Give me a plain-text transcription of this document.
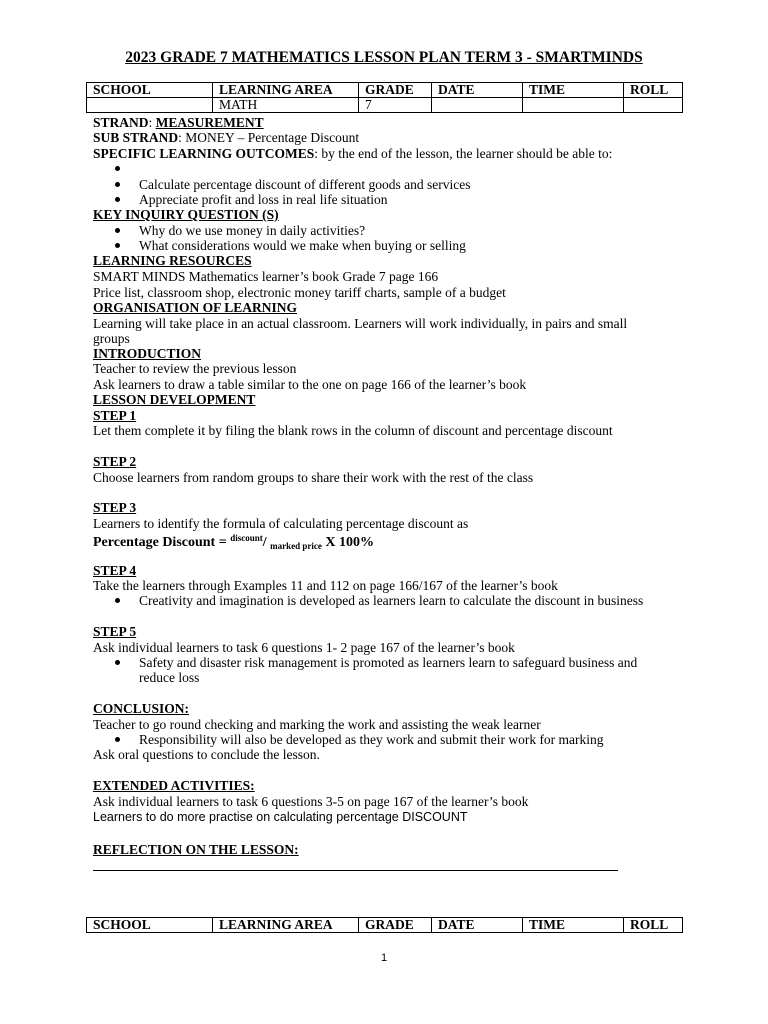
2023 GRADE 7 MATHEMATICS LESSON PLAN TERM 3 - SMARTMINDS
SCHOOL	LEARNING AREA	GRADE	DATE	TIME	ROLL
	MATH	7			
STRAND: MEASUREMENT
SUB STRAND: MONEY – Percentage Discount
SPECIFIC LEARNING OUTCOMES: by the end of the lesson, the learner should be able to:
Calculate percentage discount of different goods and services
Appreciate profit and loss in real life situation
KEY INQUIRY QUESTION (S)
Why do we use money in daily activities?
What considerations would we make when buying or selling
LEARNING RESOURCES
SMART MINDS Mathematics learner’s book Grade 7 page 166
Price list, classroom shop, electronic money tariff charts, sample of a budget
ORGANISATION OF LEARNING
Learning will take place in an actual classroom. Learners will work individually, in pairs and small
groups
INTRODUCTION
Teacher to review the previous lesson
Ask learners to draw a table similar to the one on page 166 of the learner’s book
LESSON DEVELOPMENT
STEP 1
Let them complete it by filing the blank rows in the column of discount and percentage discount
STEP 2
Choose learners from random groups to share their work with the rest of the class
STEP 3
Learners to identify the formula of calculating percentage discount as
Percentage Discount = $^{discount}$/ $_{marked price}$ X 100%
STEP 4
Take the learners through Examples 11 and 112 on page 166/167 of the learner’s book
Creativity and imagination is developed as learners learn to calculate the discount in business
STEP 5
Ask individual learners to task 6 questions 1- 2 page 167 of the learner’s book
Safety and disaster risk management is promoted as learners learn to safeguard business and
reduce loss
CONCLUSION:
Teacher to go round checking and marking the work and assisting the weak learner
Responsibility will also be developed as they work and submit their work for marking
Ask oral questions to conclude the lesson.
EXTENDED ACTIVITIES:
Ask individual learners to task 6 questions 3-5 on page 167 of the learner’s book
Learners to do more practise on calculating percentage DISCOUNT
REFLECTION ON THE LESSON:
SCHOOL	LEARNING AREA	GRADE	DATE	TIME	ROLL
1
